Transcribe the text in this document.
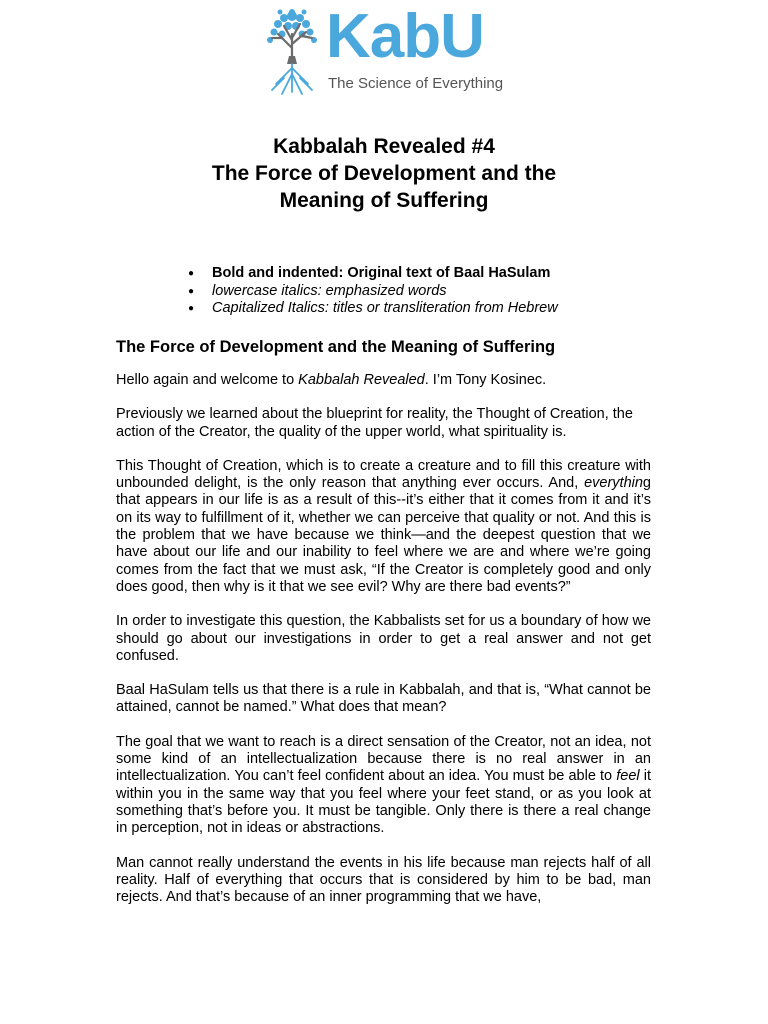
KabU
The Science of Everything
Kabbalah Revealed #4
The Force of Development and the
Meaning of Suffering
● Bold and indented: Original text of Baal HaSulam
● lowercase italics: emphasized words
● Capitalized Italics: titles or transliteration from Hebrew
The Force of Development and the Meaning of Suffering

Hello again and welcome to Kabbalah Revealed. I’m Tony Kosinec.

Previously we learned about the blueprint for reality, the Thought of Creation, the action of the Creator, the quality of the upper world, what spirituality is.

This Thought of Creation, which is to create a creature and to fill this creature with unbounded delight, is the only reason that anything ever occurs. And, everything that appears in our life is as a result of this--it’s either that it comes from it and it’s on its way to fulfillment of it, whether we can perceive that quality or not. And this is the problem that we have because we think—and the deepest question that we have about our life and our inability to feel where we are and where we’re going comes from the fact that we must ask, “If the Creator is completely good and only does good, then why is it that we see evil? Why are there bad events?”

In order to investigate this question, the Kabbalists set for us a boundary of how we should go about our investigations in order to get a real answer and not get confused.

Baal HaSulam tells us that there is a rule in Kabbalah, and that is, “What cannot be attained, cannot be named.” What does that mean?

The goal that we want to reach is a direct sensation of the Creator, not an idea, not some kind of an intellectualization because there is no real answer in an intellectualization. You can’t feel confident about an idea. You must be able to feel it within you in the same way that you feel where your feet stand, or as you look at something that’s before you. It must be tangible. Only there is there a real change in perception, not in ideas or abstractions.

Man cannot really understand the events in his life because man rejects half of all reality. Half of everything that occurs that is considered by him to be bad, man rejects. And that’s because of an inner programming that we have,
